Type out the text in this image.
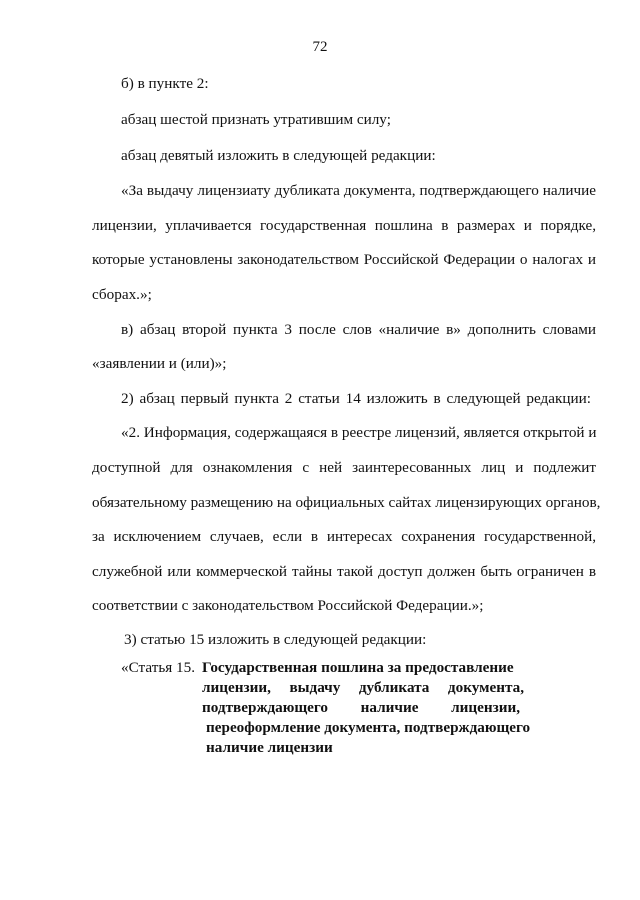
72
б) в пункте 2:
абзац шестой признать утратившим силу;
абзац девятый изложить в следующей редакции:
«За выдачу лицензиату дубликата документа, подтверждающего наличие
лицензии, уплачивается государственная пошлина в размерах и порядке,
которые установлены законодательством Российской Федерации о налогах и
сборах.»;
в) абзац второй пункта 3 после слов «наличие в» дополнить словами
«заявлении и (или)»;
2) абзац первый пункта 2 статьи 14 изложить в следующей редакции:
«2. Информация, содержащаяся в реестре лицензий, является открытой и
доступной для ознакомления с ней заинтересованных лиц и подлежит
обязательному размещению на официальных сайтах лицензирующих органов,
за исключением случаев, если в интересах сохранения государственной,
служебной или коммерческой тайны такой доступ должен быть ограничен в
соответствии с законодательством Российской Федерации.»;
3) статью 15 изложить в следующей редакции:
«Статья 15. Государственная пошлина за предоставление
лицензии, выдачу дубликата документа,
подтверждающего наличие лицензии,
переоформление документа, подтверждающего
наличие лицензии
